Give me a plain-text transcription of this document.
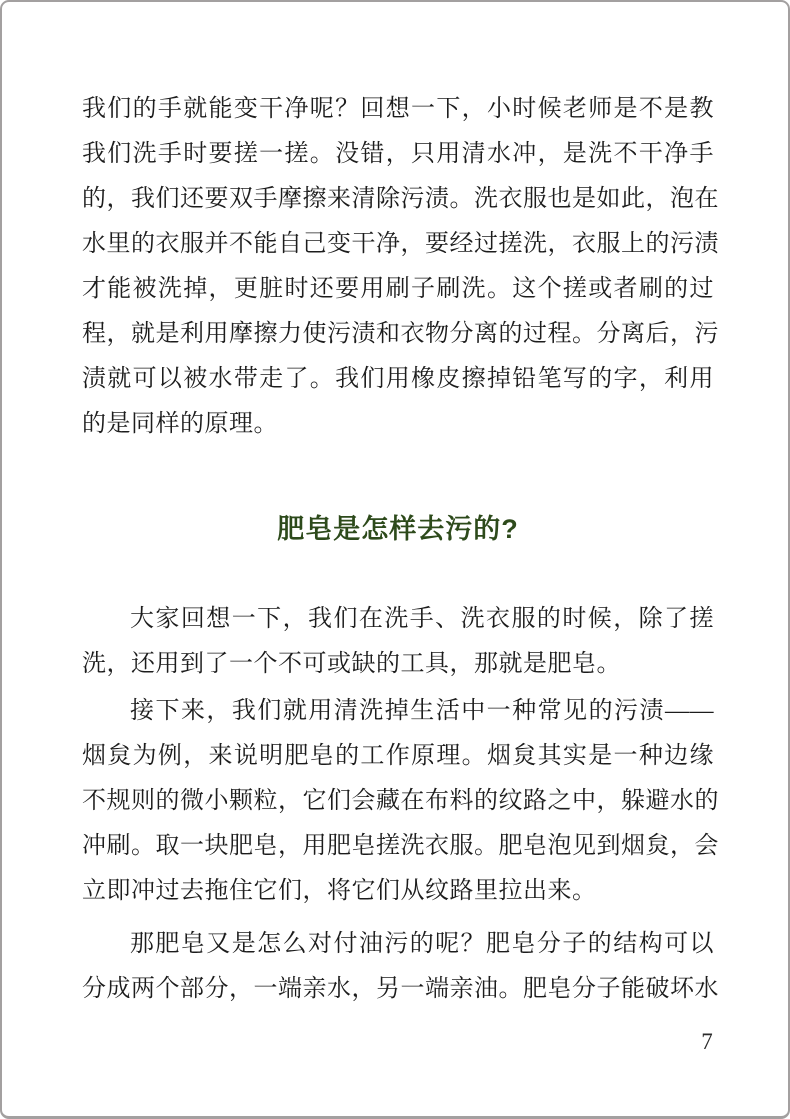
我们的手就能变干净呢？回想一下，小时候老师是不是教
我们洗手时要搓一搓。没错，只用清水冲，是洗不干净手
的，我们还要双手摩擦来清除污渍。洗衣服也是如此，泡在
水里的衣服并不能自己变干净，要经过搓洗，衣服上的污渍
才能被洗掉，更脏时还要用刷子刷洗。这个搓或者刷的过
程，就是利用摩擦力使污渍和衣物分离的过程。分离后，污
渍就可以被水带走了。我们用橡皮擦掉铅笔写的字，利用
的是同样的原理。
肥皂是怎样去污的?
大家回想一下，我们在洗手、洗衣服的时候，除了搓
洗，还用到了一个不可或缺的工具，那就是肥皂。
接下来，我们就用清洗掉生活中一种常见的污渍——
烟炱为例，来说明肥皂的工作原理。烟炱其实是一种边缘
不规则的微小颗粒，它们会藏在布料的纹路之中，躲避水的
冲刷。取一块肥皂，用肥皂搓洗衣服。肥皂泡见到烟炱，会
立即冲过去拖住它们，将它们从纹路里拉出来。
那肥皂又是怎么对付油污的呢？肥皂分子的结构可以
分成两个部分，一端亲水，另一端亲油。肥皂分子能破坏水
7
